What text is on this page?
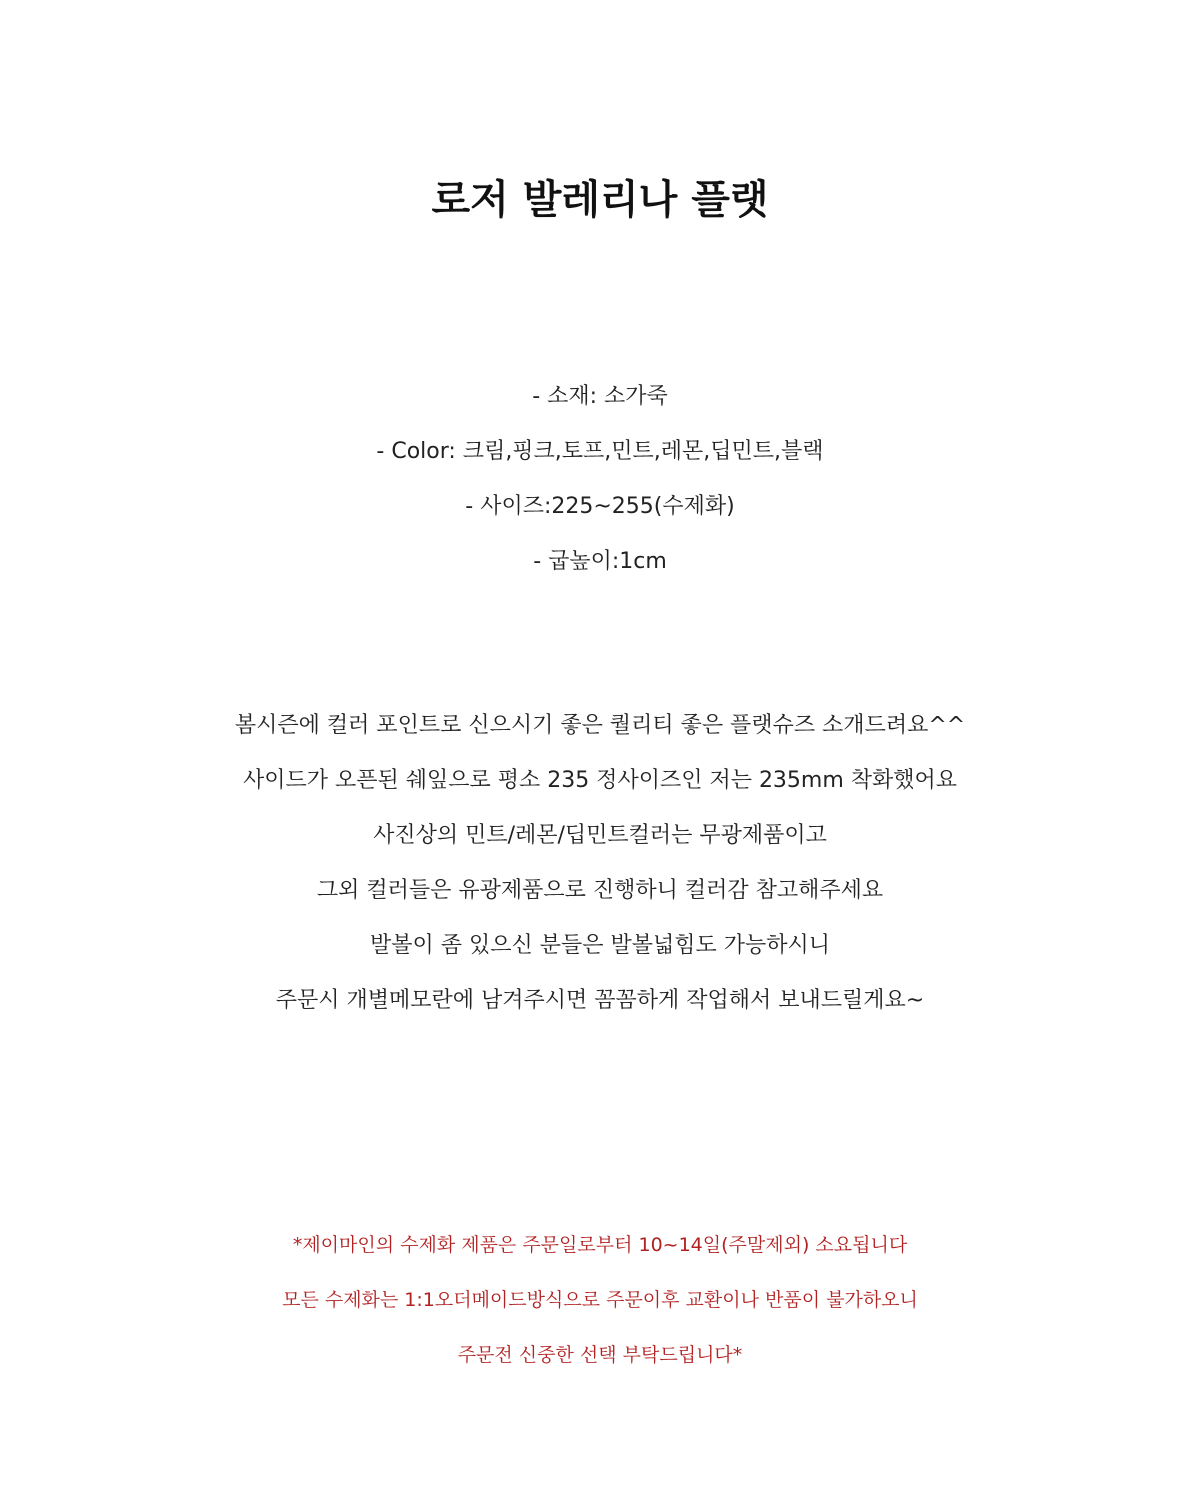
로저 발레리나 플랫
- 소재: 소가죽
- Color: 크림,핑크,토프,민트,레몬,딥민트,블랙
- 사이즈:225~255(수제화)
- 굽높이:1cm

봄시즌에 컬러 포인트로 신으시기 좋은 퀄리티 좋은 플랫슈즈 소개드려요^^

사이드가 오픈된 쉐잎으로 평소 235 정사이즈인 저는 235mm 착화했어요

사진상의 민트/레몬/딥민트컬러는 무광제품이고

그외 컬러들은 유광제품으로 진행하니 컬러감 참고해주세요

발볼이 좀 있으신 분들은 발볼넓힘도 가능하시니

주문시 개별메모란에 남겨주시면 꼼꼼하게 작업해서 보내드릴게요~

*제이마인의 수제화 제품은 주문일로부터 10~14일(주말제외) 소요됩니다

모든 수제화는 1:1오더메이드방식으로 주문이후 교환이나 반품이 불가하오니

주문전 신중한 선택 부탁드립니다*
